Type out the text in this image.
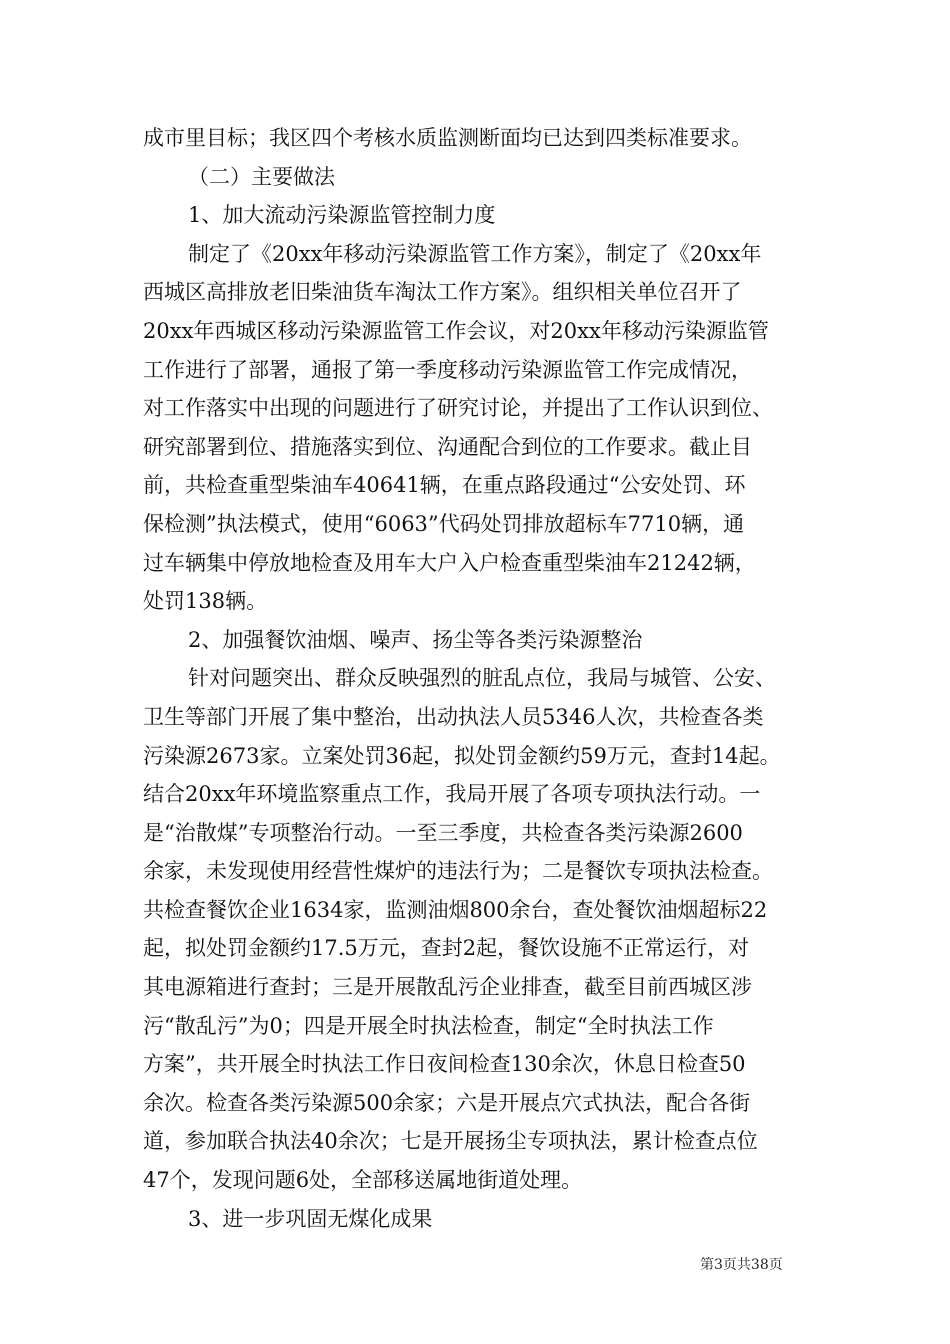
成市里目标；我区四个考核水质监测断面均已达到四类标准要求。
（二）主要做法
1、加大流动污染源监管控制力度
制定了《20xx年移动污染源监管工作方案》，制定了《20xx年
西城区高排放老旧柴油货车淘汰工作方案》。组织相关单位召开了
20xx年西城区移动污染源监管工作会议，对20xx年移动污染源监管
工作进行了部署，通报了第一季度移动污染源监管工作完成情况，
对工作落实中出现的问题进行了研究讨论，并提出了工作认识到位、
研究部署到位、措施落实到位、沟通配合到位的工作要求。截止目
前，共检查重型柴油车40641辆，在重点路段通过“公安处罚、环
保检测”执法模式，使用“6063”代码处罚排放超标车7710辆，通
过车辆集中停放地检查及用车大户入户检查重型柴油车21242辆，
处罚138辆。
2、加强餐饮油烟、噪声、扬尘等各类污染源整治
针对问题突出、群众反映强烈的脏乱点位，我局与城管、公安、
卫生等部门开展了集中整治，出动执法人员5346人次，共检查各类
污染源2673家。立案处罚36起，拟处罚金额约59万元，查封14起。
结合20xx年环境监察重点工作，我局开展了各项专项执法行动。一
是“治散煤”专项整治行动。一至三季度，共检查各类污染源2600
余家，未发现使用经营性煤炉的违法行为；二是餐饮专项执法检查。
共检查餐饮企业1634家，监测油烟800余台，查处餐饮油烟超标22
起，拟处罚金额约17.5万元，查封2起，餐饮设施不正常运行，对
其电源箱进行查封；三是开展散乱污企业排查，截至目前西城区涉
污“散乱污”为0；四是开展全时执法检查，制定“全时执法工作
方案”，共开展全时执法工作日夜间检查130余次，休息日检查50
余次。检查各类污染源500余家；六是开展点穴式执法，配合各街
道，参加联合执法40余次；七是开展扬尘专项执法，累计检查点位
47个，发现问题6处，全部移送属地街道处理。
3、进一步巩固无煤化成果
第3页共38页
